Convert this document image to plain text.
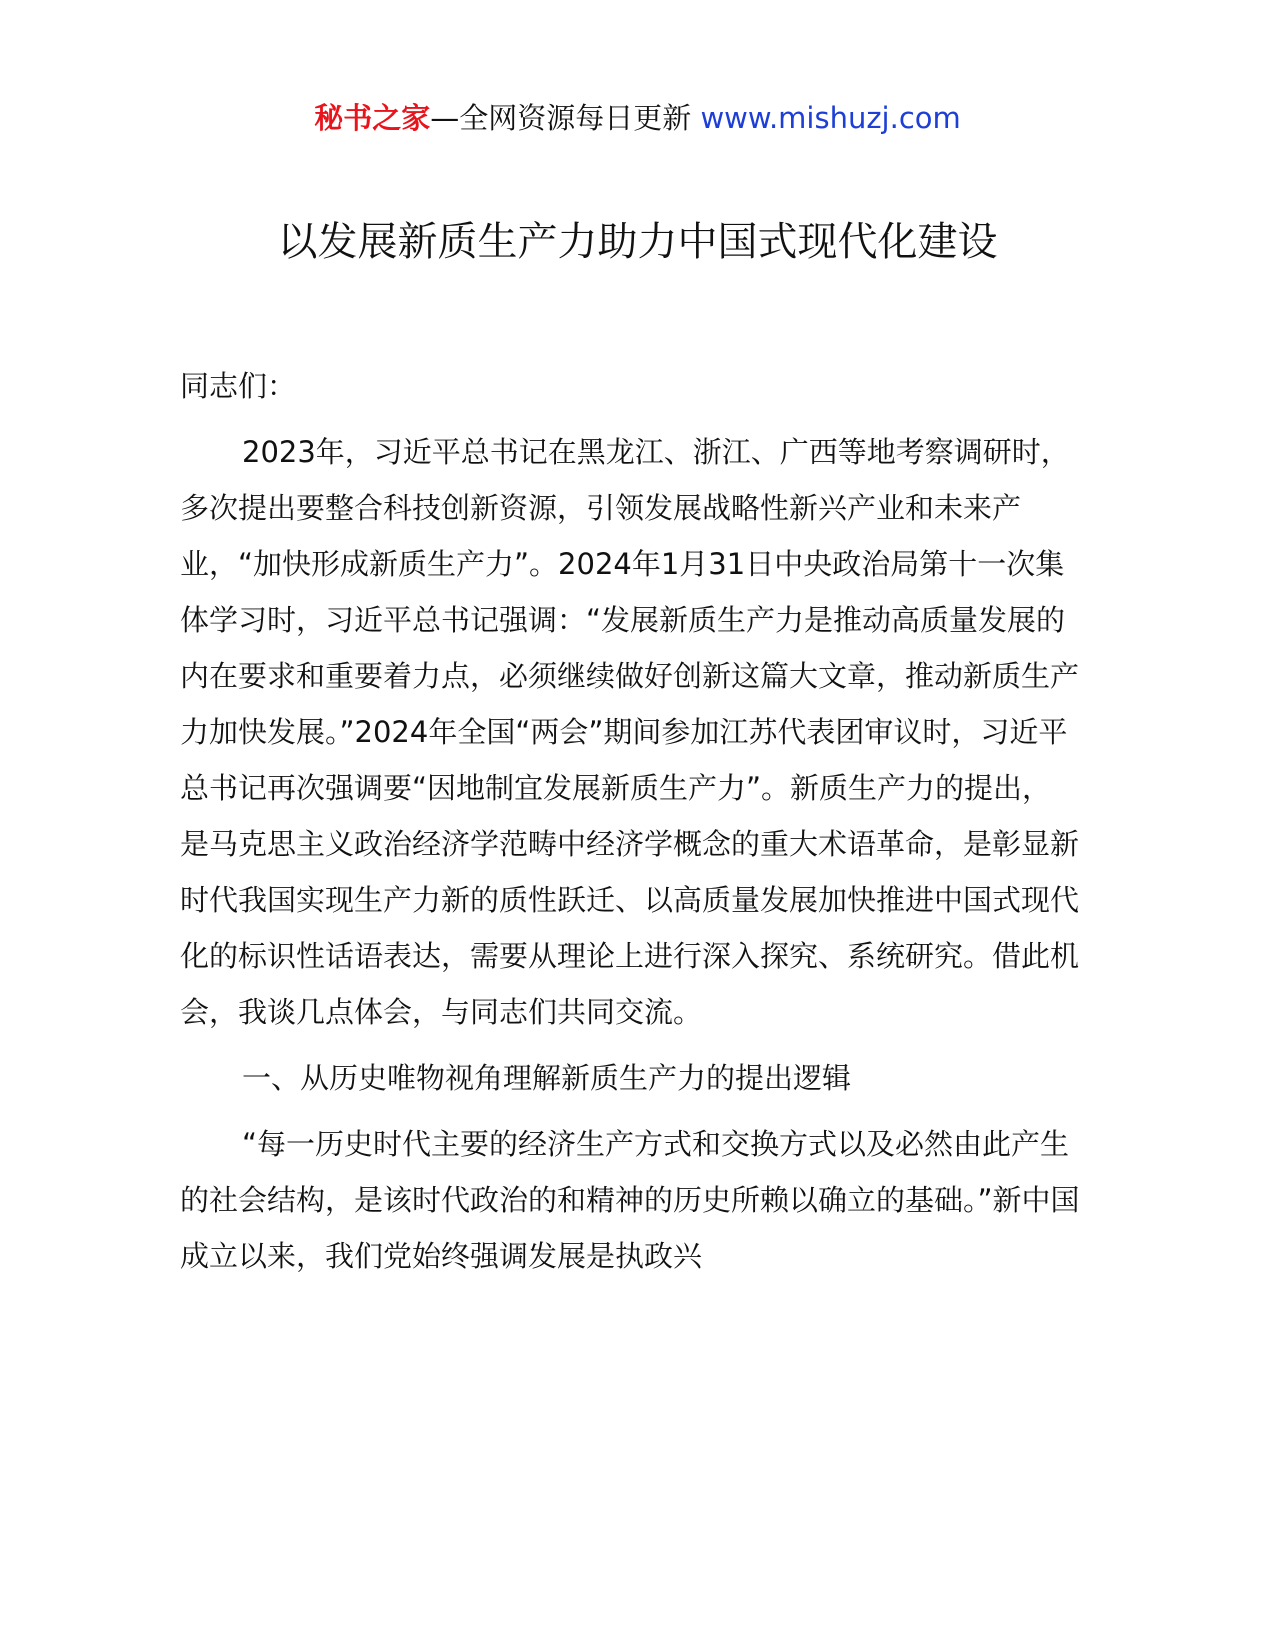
秘书之家—全网资源每日更新 www.mishuzj.com
以发展新质生产力助力中国式现代化建设

同志们：

2023年，习近平总书记在黑龙江、浙江、广西等地考察调研时，多次提出要整合科技创新资源，引领发展战略性新兴产业和未来产业，“加快形成新质生产力”。2024年1月31日中央政治局第十一次集体学习时，习近平总书记强调：“发展新质生产力是推动高质量发展的内在要求和重要着力点，必须继续做好创新这篇大文章，推动新质生产力加快发展。”2024年全国“两会”期间参加江苏代表团审议时，习近平总书记再次强调要“因地制宜发展新质生产力”。新质生产力的提出，是马克思主义政治经济学范畴中经济学概念的重大术语革命，是彰显新时代我国实现生产力新的质性跃迁、以高质量发展加快推进中国式现代化的标识性话语表达，需要从理论上进行深入探究、系统研究。借此机会，我谈几点体会，与同志们共同交流。

一、从历史唯物视角理解新质生产力的提出逻辑

“每一历史时代主要的经济生产方式和交换方式以及必然由此产生的社会结构，是该时代政治的和精神的历史所赖以确立的基础。”新中国成立以来，我们党始终强调发展是执政兴
